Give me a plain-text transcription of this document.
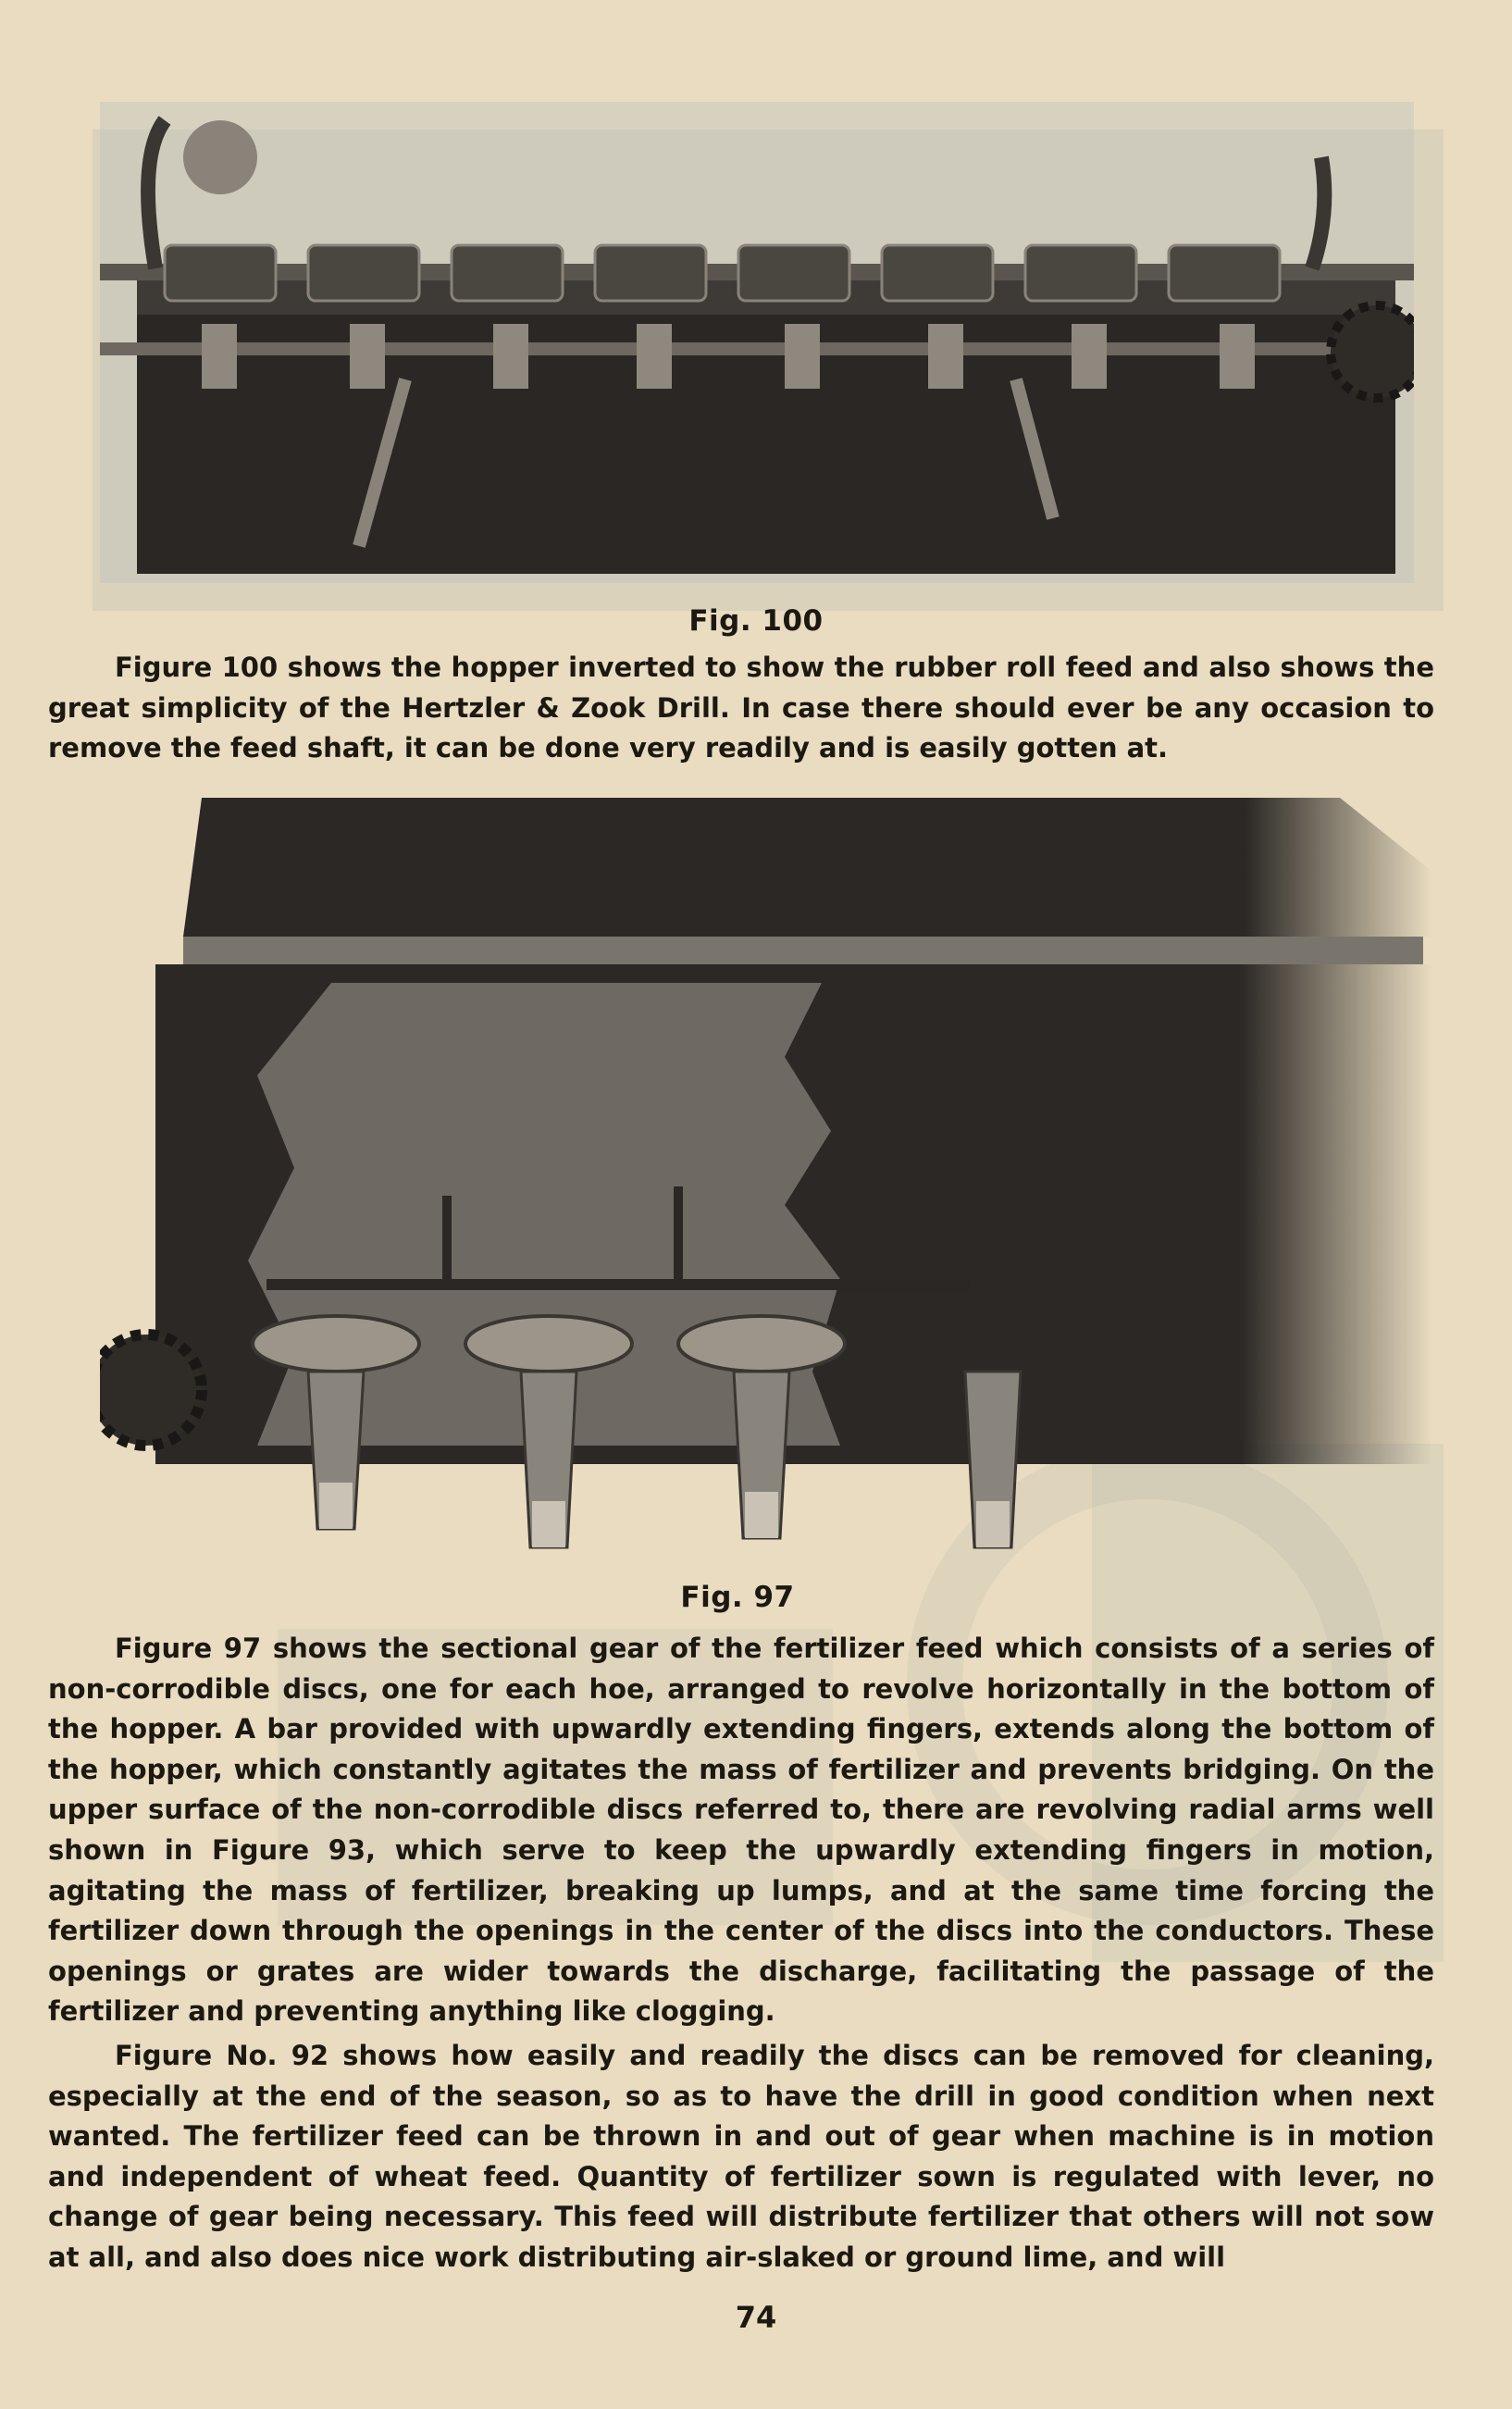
Fig. 100

Figure 100 shows the hopper inverted to show the rubber roll feed and also shows the great simplicity of the Hertzler & Zook Drill. In case there should ever be any occasion to remove the feed shaft, it can be done very readily and is easily gotten at.

Fig. 97

Figure 97 shows the sectional gear of the fertilizer feed which consists of a series of non-corrodible discs, one for each hoe, arranged to revolve horizontally in the bottom of the hopper. A bar provided with upwardly extending fingers, extends along the bottom of the hopper, which constantly agitates the mass of fertilizer and prevents bridging. On the upper surface of the non-corrodible discs referred to, there are revolving radial arms well shown in Figure 93, which serve to keep the upwardly extending fingers in motion, agitating the mass of fertilizer, breaking up lumps, and at the same time forcing the fertilizer down through the openings in the center of the discs into the conductors. These openings or grates are wider towards the discharge, facilitating the passage of the fertilizer and preventing anything like clogging.

Figure No. 92 shows how easily and readily the discs can be removed for cleaning, especially at the end of the season, so as to have the drill in good condition when next wanted. The fertilizer feed can be thrown in and out of gear when machine is in motion and independent of wheat feed. Quantity of fertilizer sown is regulated with lever, no change of gear being necessary. This feed will distribute fertilizer that others will not sow at all, and also does nice work distributing air-slaked or ground lime, and will

74
